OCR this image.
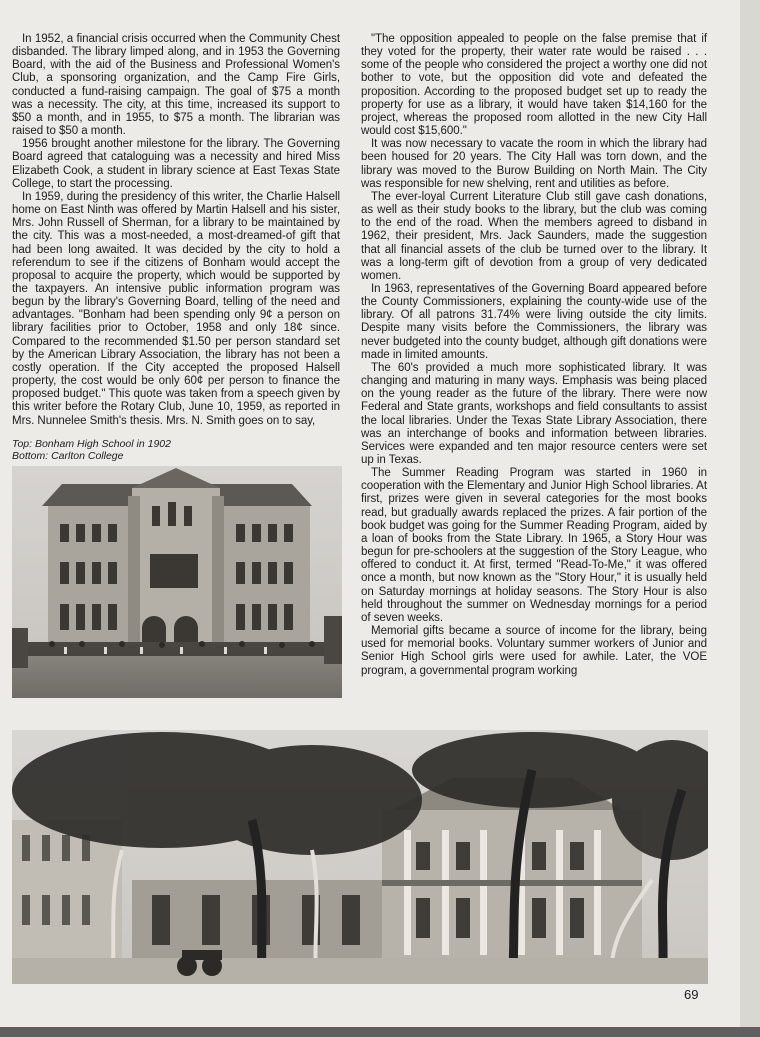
In 1952, a financial crisis occurred when the Community Chest disbanded. The library limped along, and in 1953 the Governing Board, with the aid of the Business and Professional Women's Club, a sponsoring organization, and the Camp Fire Girls, conducted a fund-raising campaign. The goal of $75 a month was a necessity. The city, at this time, increased its support to $50 a month, and in 1955, to $75 a month. The librarian was raised to $50 a month.

1956 brought another milestone for the library. The Governing Board agreed that cataloguing was a necessity and hired Miss Elizabeth Cook, a student in library science at East Texas State College, to start the processing.

In 1959, during the presidency of this writer, the Charlie Halsell home on East Ninth was offered by Martin Halsell and his sister, Mrs. John Russell of Sherman, for a library to be maintained by the city. This was a most-needed, a most-dreamed-of gift that had been long awaited. It was decided by the city to hold a referendum to see if the citizens of Bonham would accept the proposal to acquire the property, which would be supported by the taxpayers. An intensive public information program was begun by the library's Governing Board, telling of the need and advantages. "Bonham had been spending only 9¢ a person on library facilities prior to October, 1958 and only 18¢ since. Compared to the recommended $1.50 per person standard set by the American Library Association, the library has not been a costly operation. If the City accepted the proposed Halsell property, the cost would be only 60¢ per person to finance the proposed budget." This quote was taken from a speech given by this writer before the Rotary Club, June 10, 1959, as reported in Mrs. Nunnelee Smith's thesis. Mrs. N. Smith goes on to say,

Top: Bonham High School in 1902
Bottom: Carlton College

"The opposition appealed to people on the false premise that if they voted for the property, their water rate would be raised . . . some of the people who considered the project a worthy one did not bother to vote, but the opposition did vote and defeated the proposition. According to the proposed budget set up to ready the property for use as a library, it would have taken $14,160 for the project, whereas the proposed room allotted in the new City Hall would cost $15,600."

It was now necessary to vacate the room in which the library had been housed for 20 years. The City Hall was torn down, and the library was moved to the Burow Building on North Main. The City was responsible for new shelving, rent and utilities as before.

The ever-loyal Current Literature Club still gave cash donations, as well as their study books to the library, but the club was coming to the end of the road. When the members agreed to disband in 1962, their president, Mrs. Jack Saunders, made the suggestion that all financial assets of the club be turned over to the library. It was a long-term gift of devotion from a group of very dedicated women.

In 1963, representatives of the Governing Board appeared before the County Commissioners, explaining the county-wide use of the library. Of all patrons 31.74% were living outside the city limits. Despite many visits before the Commissioners, the library was never budgeted into the county budget, although gift donations were made in limited amounts.

The 60's provided a much more sophisticated library. It was changing and maturing in many ways. Emphasis was being placed on the young reader as the future of the library. There were now Federal and State grants, workshops and field consultants to assist the local libraries. Under the Texas State Library Association, there was an interchange of books and information between libraries. Services were expanded and ten major resource centers were set up in Texas.

The Summer Reading Program was started in 1960 in cooperation with the Elementary and Junior High School libraries. At first, prizes were given in several categories for the most books read, but gradually awards replaced the prizes. A fair portion of the book budget was going for the Summer Reading Program, aided by a loan of books from the State Library. In 1965, a Story Hour was begun for pre-schoolers at the suggestion of the Story League, who offered to conduct it. At first, termed "Read-To-Me," it was offered once a month, but now known as the "Story Hour," it is usually held on Saturday mornings at holiday seasons. The Story Hour is also held throughout the summer on Wednesday mornings for a period of seven weeks.

Memorial gifts became a source of income for the library, being used for memorial books. Voluntary summer workers of Junior and Senior High School girls were used for awhile. Later, the VOE program, a governmental program working

69
